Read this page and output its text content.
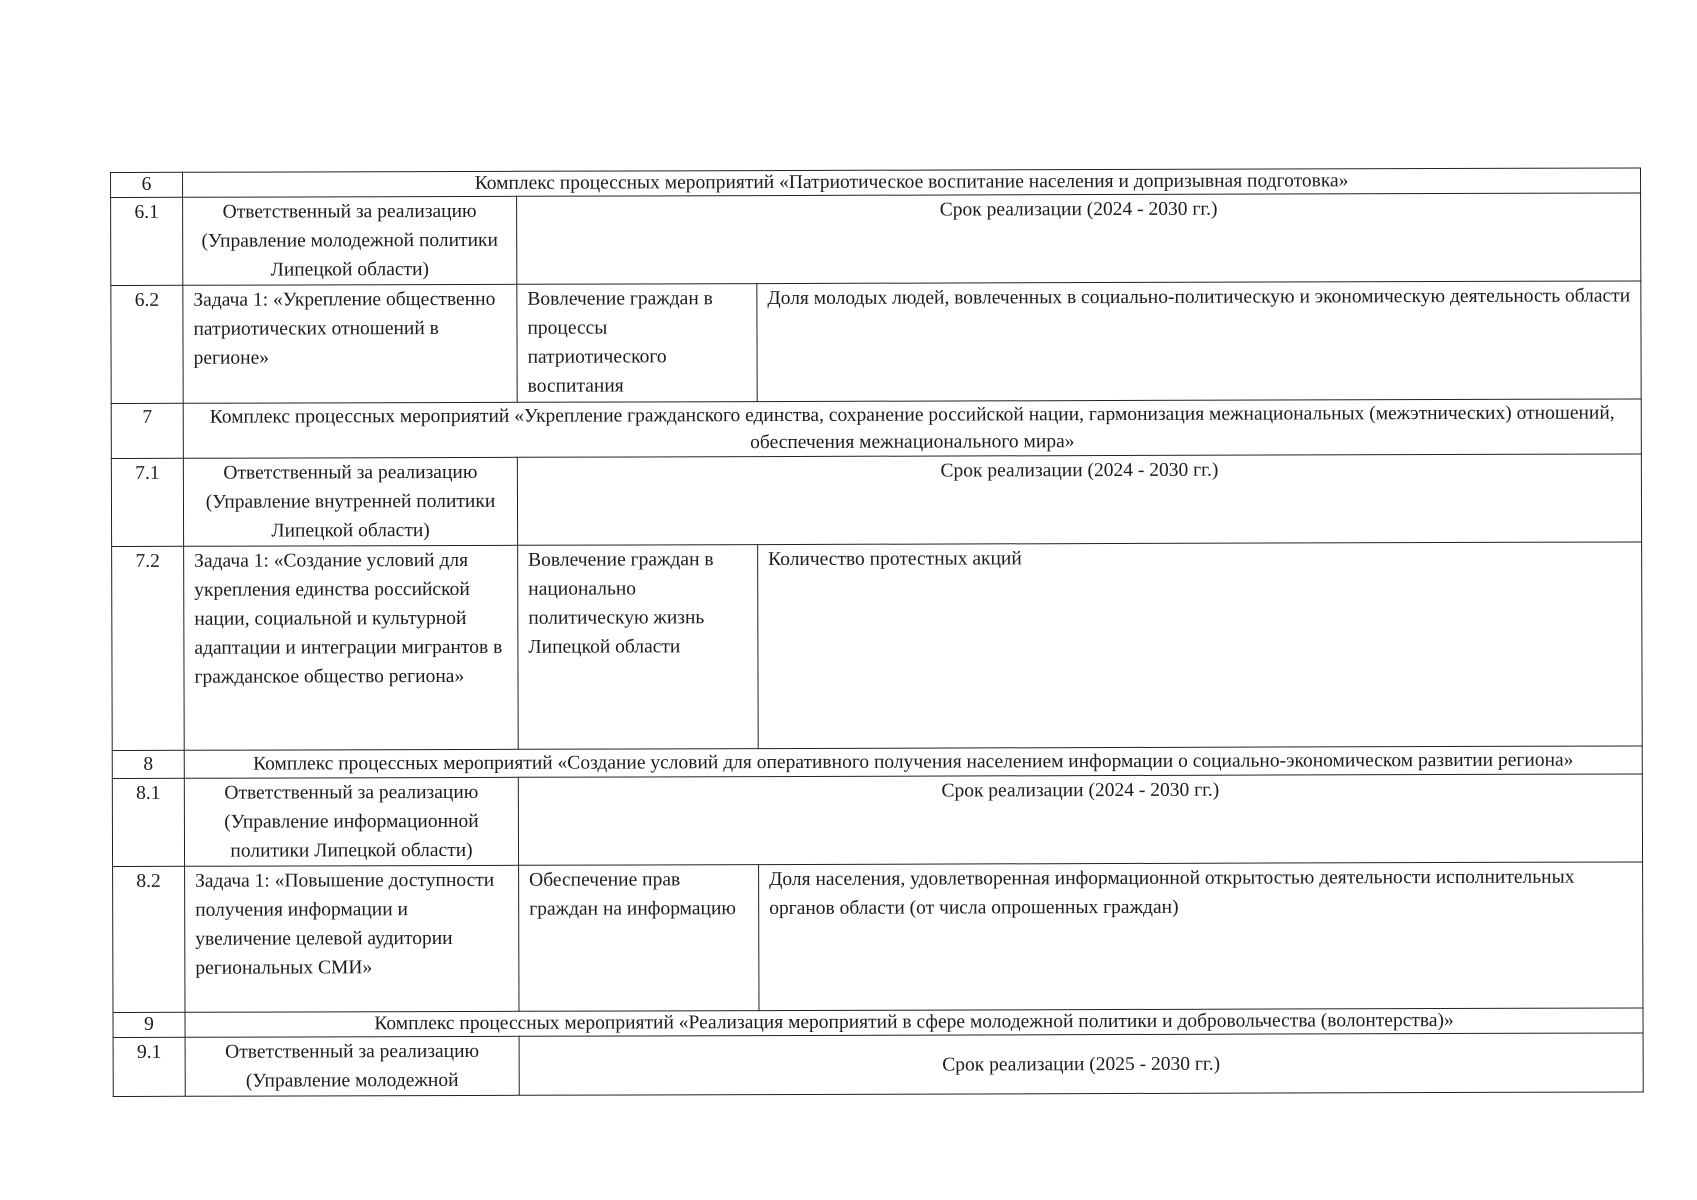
6	Комплекс процессных мероприятий «Патриотическое воспитание населения и допризывная подготовка»		
6.1	Ответственный за реализацию (Управление молодежной политики Липецкой области)	Срок реализации (2024 - 2030 гг.)	
6.2	Задача 1: «Укрепление общественно патриотических отношений в регионе»	Вовлечение граждан в процессы патриотического воспитания	Доля молодых людей, вовлеченных в социально-политическую и экономическую деятельность области
7	Комплекс процессных мероприятий «Укрепление гражданского единства, сохранение российской нации, гармонизация межнациональных (межэтнических) отношений, обеспечения межнационального мира»		
7.1	Ответственный за реализацию (Управление внутренней политики Липецкой области)	Срок реализации (2024 - 2030 гг.)	
7.2	Задача 1: «Создание условий для укрепления единства российской нации, социальной и культурной адаптации и интеграции мигрантов в гражданское общество региона»	Вовлечение граждан в национально политическую жизнь Липецкой области	Количество протестных акций
8	Комплекс процессных мероприятий «Создание условий для оперативного получения населением информации о социально-экономическом развитии региона»		
8.1	Ответственный за реализацию (Управление информационной политики Липецкой области)	Срок реализации (2024 - 2030 гг.)	
8.2	Задача 1: «Повышение доступности получения информации и увеличение целевой аудитории региональных СМИ»	Обеспечение прав граждан на информацию	Доля населения, удовлетворенная информационной открытостью деятельности исполнительных органов области (от числа опрошенных граждан)
9	Комплекс процессных мероприятий «Реализация мероприятий в сфере молодежной политики и добровольчества (волонтерства)»		
9.1	Ответственный за реализацию (Управление молодежной	Срок реализации (2025 - 2030 гг.)	
